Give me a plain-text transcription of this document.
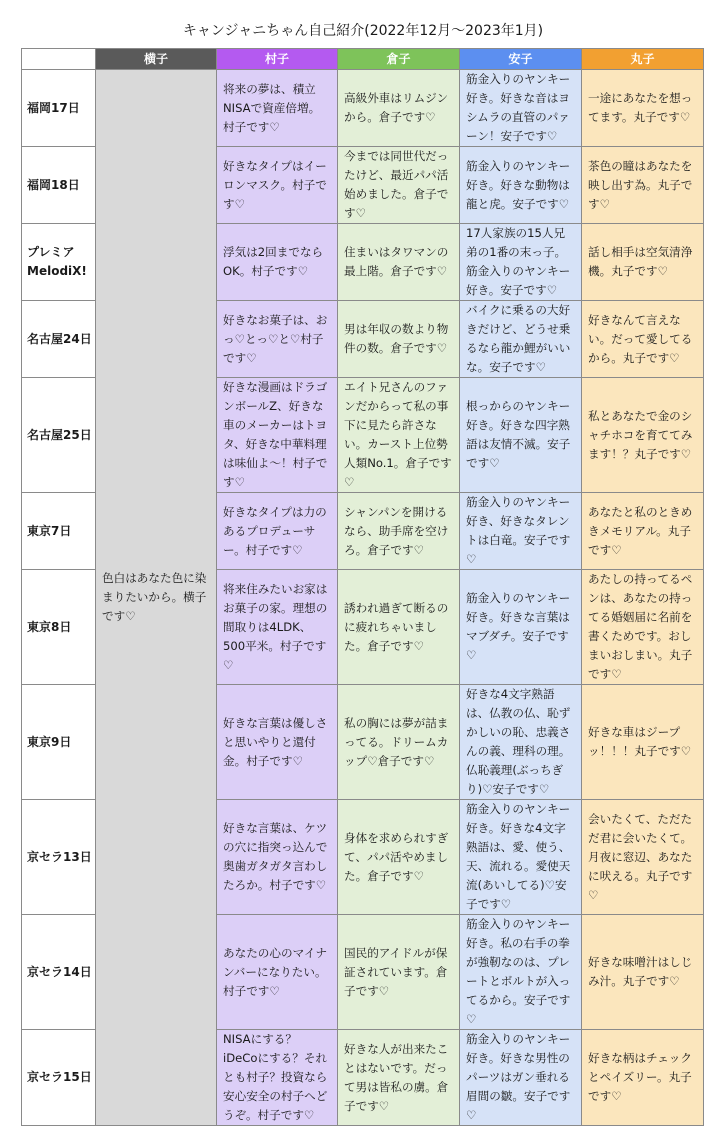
キャンジャニちゃん自己紹介(2022年12月〜2023年1月)
	横子	村子	倉子	安子	丸子
福岡17日	色白はあなた色に染まりたいから。横子です♡	将来の夢は、積立NISAで資産倍増。村子です♡	高級外車はリムジンから。倉子です♡	筋金入りのヤンキー好き。好きな音はヨシムラの直管のパァーン！安子です♡	一途にあなたを想ってます。丸子です♡
福岡18日		好きなタイプはイーロンマスク。村子です♡	今までは同世代だったけど、最近パパ活始めました。倉子です♡	筋金入りのヤンキー好き。好きな動物は龍と虎。安子です♡	茶色の瞳はあなたを映し出す為。丸子です♡
プレミアMelodiX!		浮気は2回までならOK。村子です♡	住まいはタワマンの最上階。倉子です♡	17人家族の15人兄弟の1番の末っ子。筋金入りのヤンキー好き。安子です♡	話し相手は空気清浄機。丸子です♡
名古屋24日		好きなお菓子は、おっ♡とっ♡と♡村子です♡	男は年収の数より物件の数。倉子です♡	バイクに乗るの大好きだけど、どうせ乗るなら龍か鯉がいいな。安子です♡	好きなんて言えない。だって愛してるから。丸子です♡
名古屋25日		好きな漫画はドラゴンボールZ、好きな車のメーカーはトヨタ、好きな中華料理は味仙よ〜！村子です♡	エイト兄さんのファンだからって私の事下に見たら許さない。カースト上位勢人類No.1。倉子です♡	根っからのヤンキー好き。好きな四字熟語は友情不滅。安子です♡	私とあなたで金のシャチホコを育ててみます！？丸子です♡
東京7日		好きなタイプは力のあるプロデューサー。村子です♡	シャンパンを開けるなら、助手席を空けろ。倉子です♡	筋金入りのヤンキー好き、好きなタレントは白竜。安子です♡	あなたと私のときめきメモリアル。丸子です♡
東京8日		将来住みたいお家はお菓子の家。理想の間取りは4LDK、500平米。村子です♡	誘われ過ぎて断るのに疲れちゃいました。倉子です♡	筋金入りのヤンキー好き。好きな言葉はマブダチ。安子です♡	あたしの持ってるペンは、あなたの持ってる婚姻届に名前を書くためです。おしまいおしまい。丸子です♡
東京9日		好きな言葉は優しさと思いやりと還付金。村子です♡	私の胸には夢が詰まってる。ドリームカップ♡倉子です♡	好きな4文字熟語は、仏教の仏、恥ずかしいの恥、忠義さんの義、理科の理。仏恥義理(ぶっちぎり)♡安子です♡	好きな車はジープッ！！！丸子です♡
京セラ13日		好きな言葉は、ケツの穴に指突っ込んで奥歯ガタガタ言わしたろか。村子です♡	身体を求められすぎて、パパ活やめました。倉子です♡	筋金入りのヤンキー好き。好きな4文字熟語は、愛、使う、天、流れる。愛使天流(あいしてる)♡安子です♡	会いたくて、ただただ君に会いたくて。月夜に窓辺、あなたに吠える。丸子です♡
京セラ14日		あなたの心のマイナンバーになりたい。村子です♡	国民的アイドルが保証されています。倉子です♡	筋金入りのヤンキー好き。私の右手の拳が強靭なのは、プレートとボルトが入ってるから。安子です♡	好きな味噌汁はしじみ汁。丸子です♡
京セラ15日		NISAにする？iDeCoにする？それとも村子？投資なら安心安全の村子へどうぞ。村子です♡	好きな人が出来たことはないです。だって男は皆私の虜。倉子です♡	筋金入りのヤンキー好き。好きな男性のパーツはガン垂れる眉間の皺。安子です♡	好きな柄はチェックとペイズリー。丸子です♡
